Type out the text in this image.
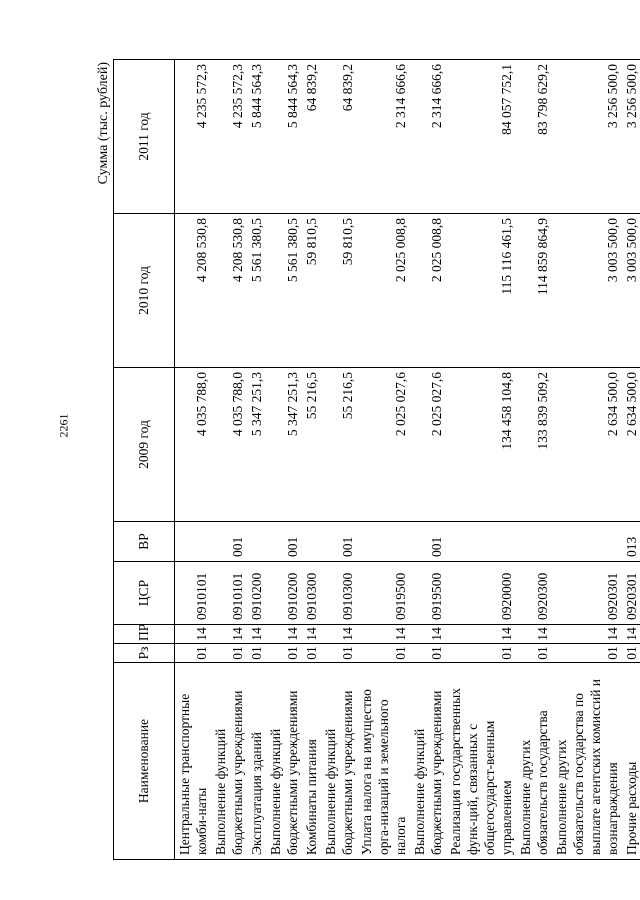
2261
Сумма (тыс. рублей)
Наименование	Рз	ПР	ЦСР	ВР	2009 год	2010 год	2011 год
Центральные транспортные комби-наты	01	14	0910101		4 035 788,0	4 208 530,8	4 235 572,3
Выполнение функций бюджетными учреждениями	01	14	0910101	001	4 035 788,0	4 208 530,8	4 235 572,3
Эксплуатация зданий	01	14	0910200		5 347 251,3	5 561 380,5	5 844 564,3
Выполнение функций бюджетными учреждениями	01	14	0910200	001	5 347 251,3	5 561 380,5	5 844 564,3
Комбинаты питания	01	14	0910300		55 216,5	59 810,5	64 839,2
Выполнение функций бюджетными учреждениями	01	14	0910300	001	55 216,5	59 810,5	64 839,2
Уплата налога на имущество орга-низаций и земельного налога	01	14	0919500		2 025 027,6	2 025 008,8	2 314 666,6
Выполнение функций бюджетными учреждениями	01	14	0919500	001	2 025 027,6	2 025 008,8	2 314 666,6
Реализация государственных функ-ций, связанных с общегосударст-венным управлением	01	14	0920000		134 458 104,8	115 116 461,5	84 057 752,1
Выполнение других обязательств государства	01	14	0920300		133 839 509,2	114 859 864,9	83 798 629,2
Выполнение других обязательств государства по выплате агентских комиссий и вознаграждения	01	14	0920301		2 634 500,0	3 003 500,0	3 256 500,0
Прочие расходы	01	14	0920301	013	2 634 500,0	3 003 500,0	3 256 500,0
